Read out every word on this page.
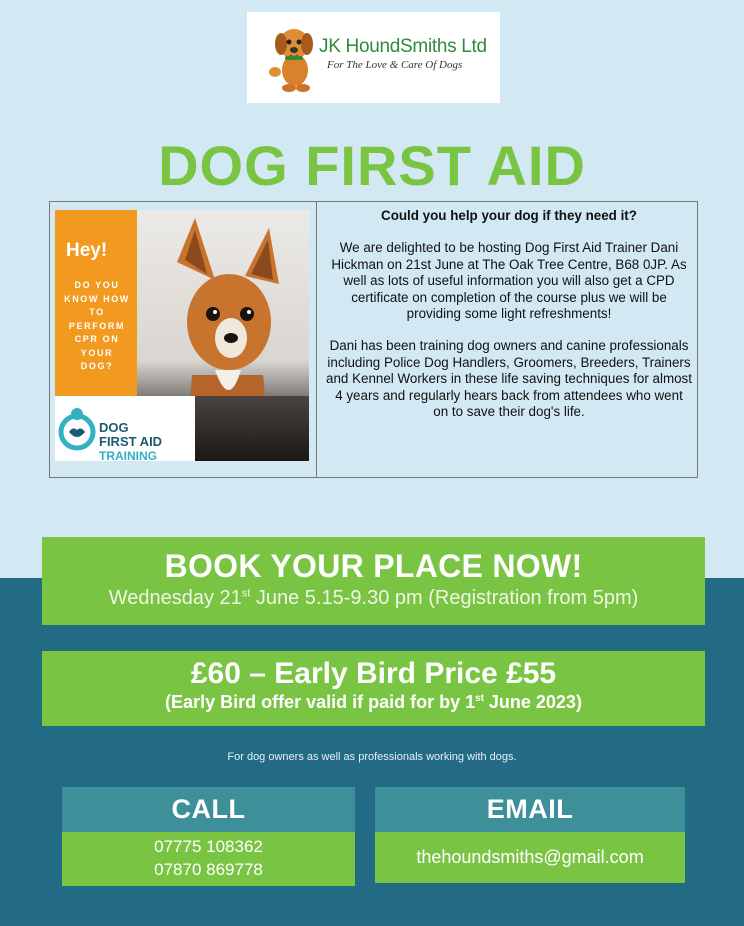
JK HoundSmiths Ltd
For The Love & Care Of Dogs
DOG FIRST AID
Hey!
DO YOU KNOW HOW TO PERFORM CPR ON YOUR DOG?
DOG
FIRST AID
TRAINING

Could you help your dog if they need it?

We are delighted to be hosting Dog First Aid Trainer Dani Hickman on 21st June at The Oak Tree Centre, B68 0JP. As well as lots of useful information you will also get a CPD certificate on completion of the course plus we will be providing some light refreshments!

Dani has been training dog owners and canine professionals including Police Dog Handlers, Groomers, Breeders, Trainers and Kennel Workers in these life saving techniques for almost 4 years and regularly hears back from attendees who went on to save their dog's life.

BOOK YOUR PLACE NOW!
Wednesday 21st June 5.15-9.30 pm (Registration from 5pm)
£60 – Early Bird Price £55
(Early Bird offer valid if paid for by 1st June 2023)
For dog owners as well as professionals working with dogs.
CALL
07775 108362
07870 869778
EMAIL
thehoundsmiths@gmail.com
